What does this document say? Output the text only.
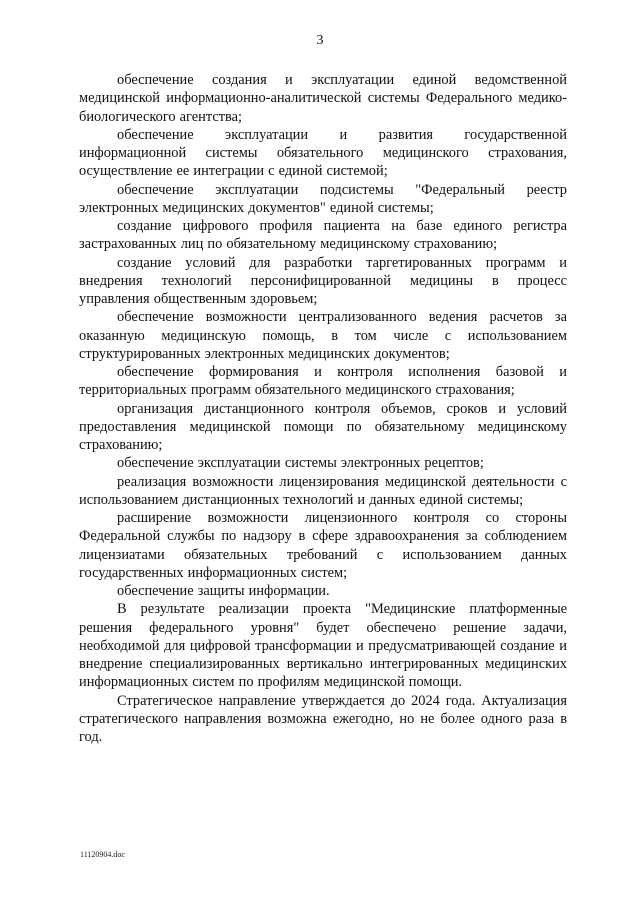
3

обеспечение создания и эксплуатации единой ведомственной медицинской информационно-аналитической системы Федерального медико-биологического агентства;

обеспечение эксплуатации и развития государственной информационной системы обязательного медицинского страхования, осуществление ее интеграции с единой системой;

обеспечение эксплуатации подсистемы "Федеральный реестр электронных медицинских документов" единой системы;

создание цифрового профиля пациента на базе единого регистра застрахованных лиц по обязательному медицинскому страхованию;

создание условий для разработки таргетированных программ и внедрения технологий персонифицированной медицины в процесс управления общественным здоровьем;

обеспечение возможности централизованного ведения расчетов за оказанную медицинскую помощь, в том числе с использованием структурированных электронных медицинских документов;

обеспечение формирования и контроля исполнения базовой и территориальных программ обязательного медицинского страхования;

организация дистанционного контроля объемов, сроков и условий предоставления медицинской помощи по обязательному медицинскому страхованию;

обеспечение эксплуатации системы электронных рецептов;

реализация возможности лицензирования медицинской деятельности с использованием дистанционных технологий и данных единой системы;

расширение возможности лицензионного контроля со стороны Федеральной службы по надзору в сфере здравоохранения за соблюдением лицензиатами обязательных требований с использованием данных государственных информационных систем;

обеспечение защиты информации.

В результате реализации проекта "Медицинские платформенные решения федерального уровня" будет обеспечено решение задачи, необходимой для цифровой трансформации и предусматривающей создание и внедрение специализированных вертикально интегрированных медицинских информационных систем по профилям медицинской помощи.

Стратегическое направление утверждается до 2024 года. Актуализация стратегического направления возможна ежегодно, но не более одного раза в год.

11120904.doc
